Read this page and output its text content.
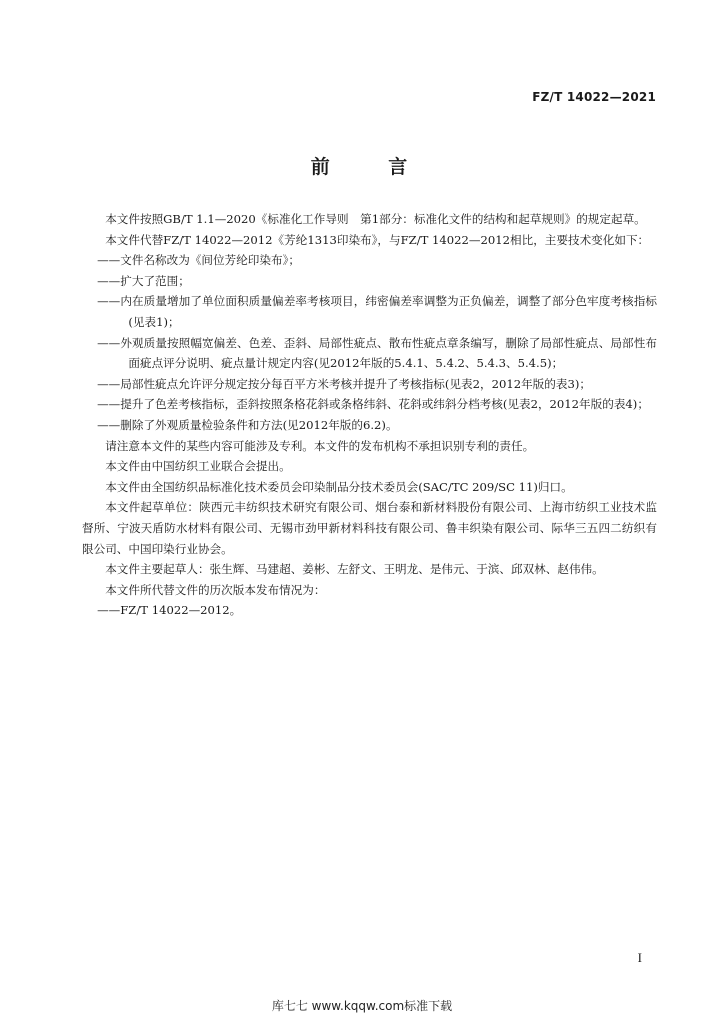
FZ/T 14022—2021
前 言

本文件按照GB/T 1.1—2020《标准化工作导则　第1部分：标准化文件的结构和起草规则》的规定起草。

本文件代替FZ/T 14022—2012《芳纶1313印染布》，与FZ/T 14022—2012相比，主要技术变化如下：

——文件名称改为《间位芳纶印染布》；

——扩大了范围；

——内在质量增加了单位面积质量偏差率考核项目，纬密偏差率调整为正负偏差，调整了部分色牢度考核指标(见表1)；

——外观质量按照幅宽偏差、色差、歪斜、局部性疵点、散布性疵点章条编写，删除了局部性疵点、局部性布面疵点评分说明、疵点量计规定内容(见2012年版的5.4.1、5.4.2、5.4.3、5.4.5)；

——局部性疵点允许评分规定按分每百平方米考核并提升了考核指标(见表2，2012年版的表3)；

——提升了色差考核指标，歪斜按照条格花斜或条格纬斜、花斜或纬斜分档考核(见表2，2012年版的表4)；

——删除了外观质量检验条件和方法(见2012年版的6.2)。

请注意本文件的某些内容可能涉及专利。本文件的发布机构不承担识别专利的责任。

本文件由中国纺织工业联合会提出。

本文件由全国纺织品标准化技术委员会印染制品分技术委员会(SAC/TC 209/SC 11)归口。

本文件起草单位：陕西元丰纺织技术研究有限公司、烟台泰和新材料股份有限公司、上海市纺织工业技术监督所、宁波天盾防水材料有限公司、无锡市劲甲新材料科技有限公司、鲁丰织染有限公司、际华三五四二纺织有限公司、中国印染行业协会。

本文件主要起草人：张生辉、马建超、姜彬、左舒文、王明龙、是伟元、于滨、邱双林、赵伟伟。

本文件所代替文件的历次版本发布情况为：

——FZ/T 14022—2012。

I
库七七 www.kqqw.com标准下载
